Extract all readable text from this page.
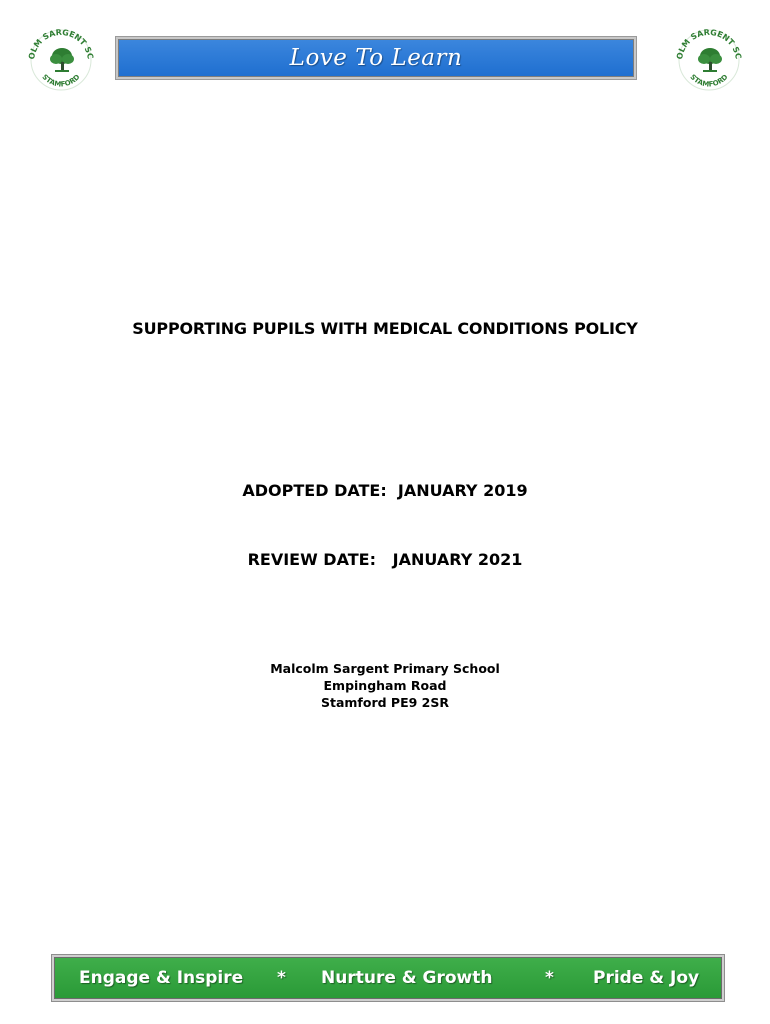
OLM SARGENT SC
STAMFORD
Love To Learn	OLM SARGENT SC
STAMFORD
SUPPORTING PUPILS WITH MEDICAL CONDITIONS POLICY

ADOPTED DATE:  JANUARY 2019

REVIEW DATE:   JANUARY 2021

Malcolm Sargent Primary School
Empingham Road
Stamford PE9 2SR
Engage & Inspire * Nurture & Growth	* Pride & Joy
